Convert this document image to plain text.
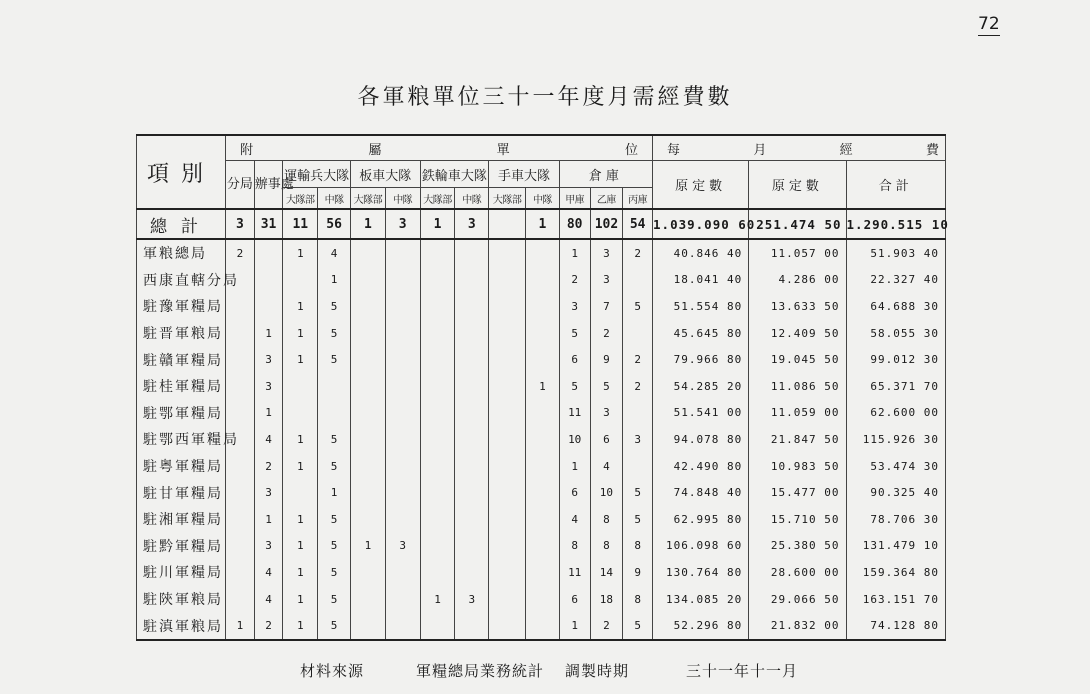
72
各軍粮單位三十一年度月需經費數
項別	附 屬 單 位													每 月 經 費		

	分局	辦事處	運輸兵大隊		板車大隊		鉄輪車大隊		手車大隊		倉庫			原定數	原定數	合計
			大隊部	中隊	大隊部	中隊	大隊部	中隊	大隊部	中隊	甲庫	乙庫	丙庫			
總計	3	31	11	56	1	3	1	3		1	80	102	54	1.039.090 60	251.474 50	1.290.515 10
軍粮總局	2		1	4							1	3	2	40.846 40	11.057 00	51.903 40
西康直轄分局				1							2	3		18.041 40	4.286 00	22.327 40
駐豫軍糧局			1	5							3	7	5	51.554 80	13.633 50	64.688 30
駐晋軍粮局		1	1	5							5	2		45.645 80	12.409 50	58.055 30
駐贛軍糧局		3	1	5							6	9	2	79.966 80	19.045 50	99.012 30
駐桂軍糧局		3								1	5	5	2	54.285 20	11.086 50	65.371 70
駐鄂軍糧局		1									11	3		51.541 00	11.059 00	62.600 00
駐鄂西軍糧局		4	1	5							10	6	3	94.078 80	21.847 50	115.926 30
駐粤軍糧局		2	1	5							1	4		42.490 80	10.983 50	53.474 30
駐甘軍糧局		3		1							6	10	5	74.848 40	15.477 00	90.325 40
駐湘軍糧局		1	1	5							4	8	5	62.995 80	15.710 50	78.706 30
駐黔軍糧局		3	1	5	1	3					8	8	8	106.098 60	25.380 50	131.479 10
駐川軍糧局		4	1	5							11	14	9	130.764 80	28.600 00	159.364 80
駐陝軍粮局		4	1	5			1	3			6	18	8	134.085 20	29.066 50	163.151 70
駐滇軍粮局	1	2	1	5							1	2	5	52.296 80	21.832 00	74.128 80
材料來源	軍糧總局業務統計 調製時期	三十一年十一月
